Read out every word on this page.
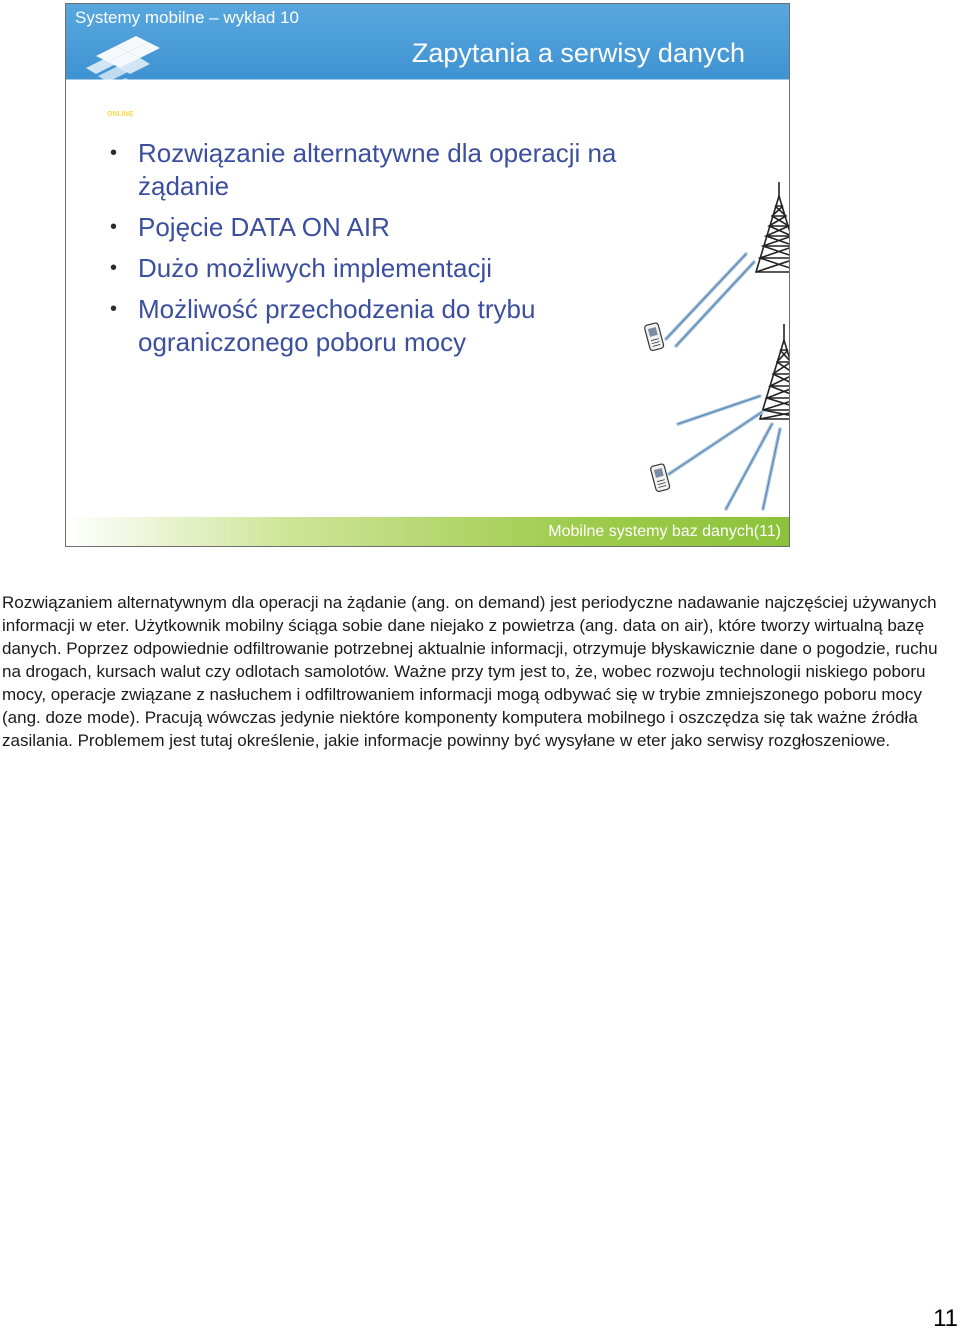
UCZELNIA
ONLINE
Systemy mobilne – wykład 10
Zapytania a serwisy danych
• Rozwiązanie alternatywne dla operacji na żądanie
• Pojęcie DATA ON AIR
• Dużo możliwych implementacji
• Możliwość przechodzenia do trybu ograniczonego poboru mocy
Mobilne systemy baz danych(11)

Rozwiązaniem alternatywnym dla operacji na żądanie (ang. on demand) jest periodyczne nadawanie najczęściej używanych informacji w eter. Użytkownik mobilny ściąga sobie dane niejako z powietrza (ang. data on air), które tworzy wirtualną bazę danych. Poprzez odpowiednie odfiltrowanie potrzebnej aktualnie informacji, otrzymuje błyskawicznie dane o pogodzie, ruchu na drogach, kursach walut czy odlotach samolotów. Ważne przy tym jest to, że, wobec rozwoju technologii niskiego poboru mocy, operacje związane z nasłuchem i odfiltrowaniem informacji mogą odbywać się w trybie zmniejszonego poboru mocy (ang. doze mode). Pracują wówczas jedynie niektóre komponenty komputera mobilnego i oszczędza się tak ważne źródła zasilania. Problemem jest tutaj określenie, jakie informacje powinny być wysyłane w eter jako serwisy rozgłoszeniowe.

11
